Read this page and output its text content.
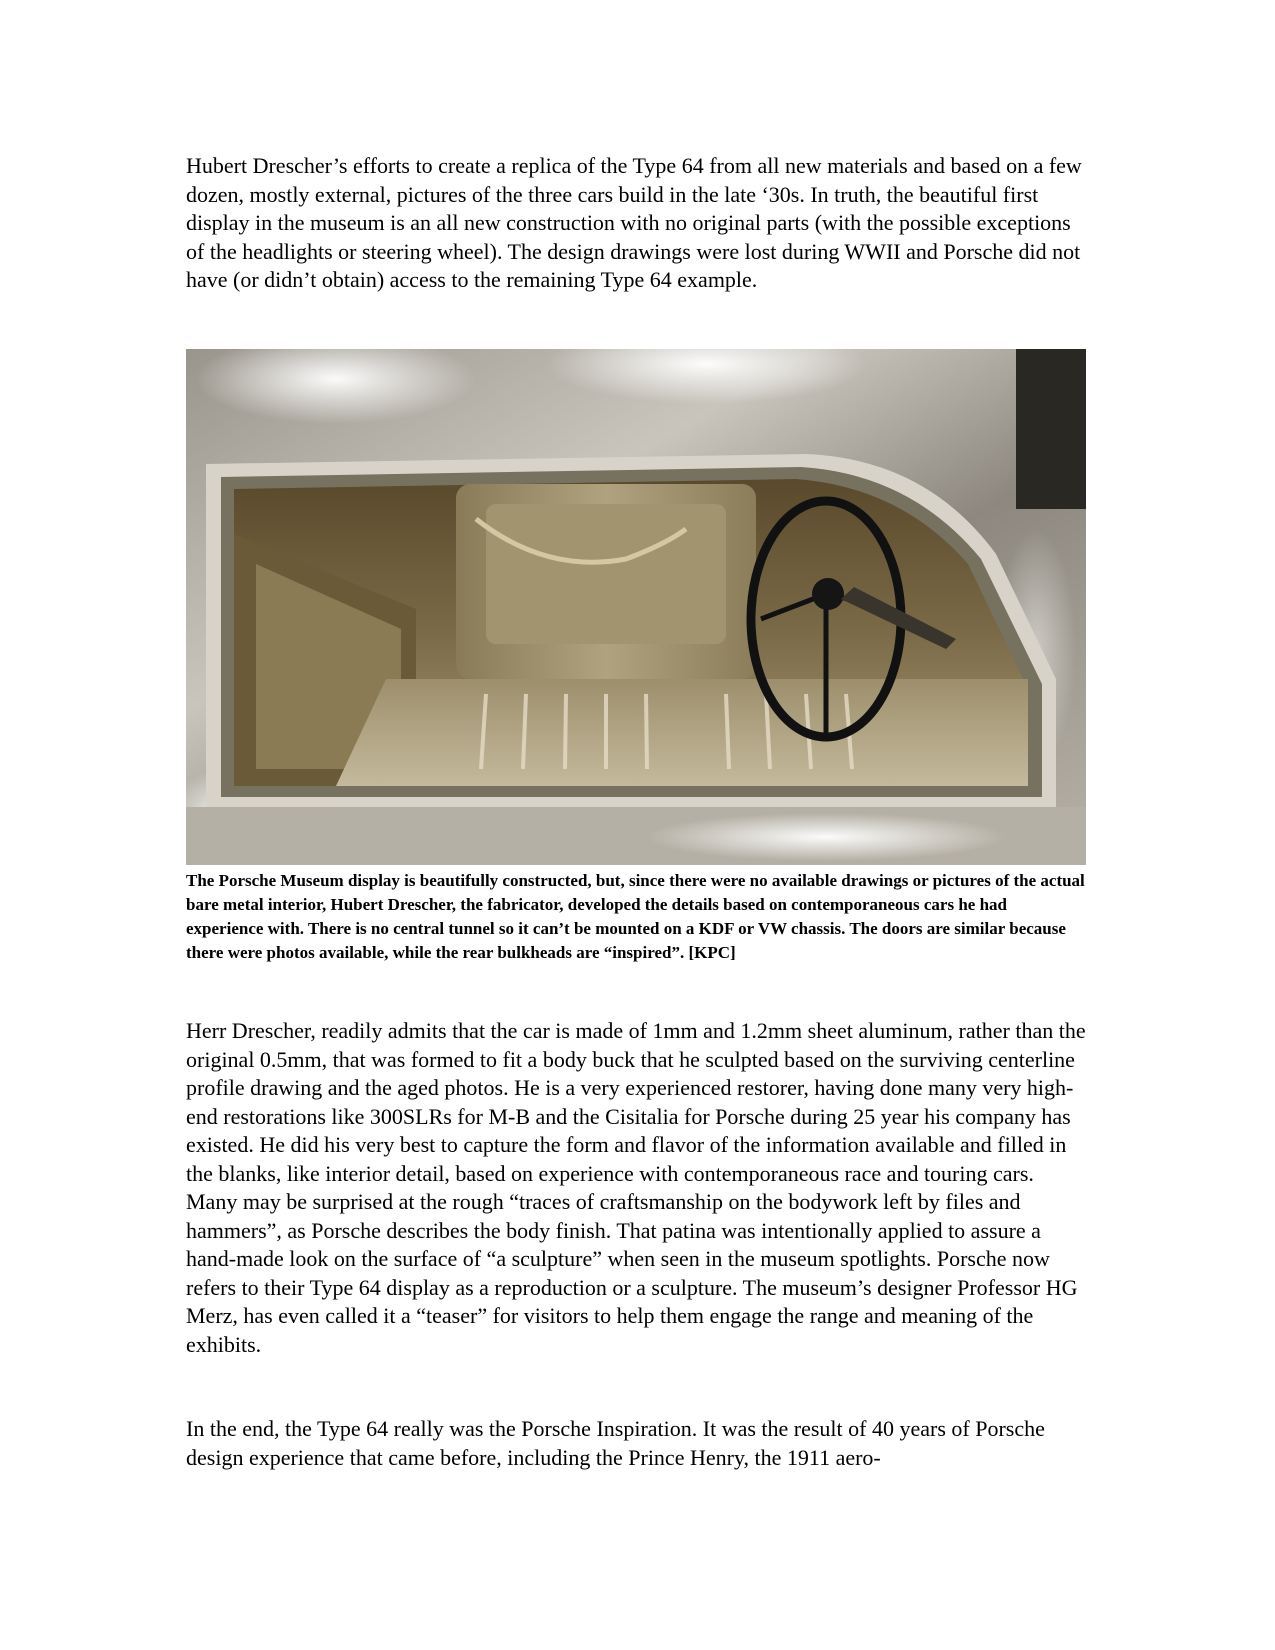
Hubert Drescher’s efforts to create a replica of the Type 64 from all new materials and based on a few dozen, mostly external, pictures of the three cars build in the late ‘30s. In truth, the beautiful first display in the museum is an all new construction with no original parts (with the possible exceptions of the headlights or steering wheel). The design drawings were lost during WWII and Porsche did not have (or didn’t obtain) access to the remaining Type 64 example.

The Porsche Museum display is beautifully constructed, but, since there were no available drawings or pictures of the actual bare metal interior, Hubert Drescher, the fabricator, developed the details based on contemporaneous cars he had experience with. There is no central tunnel so it can’t be mounted on a KDF or VW chassis. The doors are similar because there were photos available, while the rear bulkheads are “inspired”. [KPC]

Herr Drescher, readily admits that the car is made of 1mm and 1.2mm sheet aluminum, rather than the original 0.5mm, that was formed to fit a body buck that he sculpted based on the surviving centerline profile drawing and the aged photos. He is a very experienced restorer, having done many very high-end restorations like 300SLRs for M-B and the Cisitalia for Porsche during 25 year his company has existed. He did his very best to capture the form and flavor of the information available and filled in the blanks, like interior detail, based on experience with contemporaneous race and touring cars. Many may be surprised at the rough “traces of craftsmanship on the bodywork left by files and hammers”, as Porsche describes the body finish. That patina was intentionally applied to assure a hand-made look on the surface of “a sculpture” when seen in the museum spotlights. Porsche now refers to their Type 64 display as a reproduction or a sculpture. The museum’s designer Professor HG Merz, has even called it a “teaser” for visitors to help them engage the range and meaning of the exhibits.

In the end, the Type 64 really was the Porsche Inspiration. It was the result of 40 years of Porsche design experience that came before, including the Prince Henry, the 1911 aero-
